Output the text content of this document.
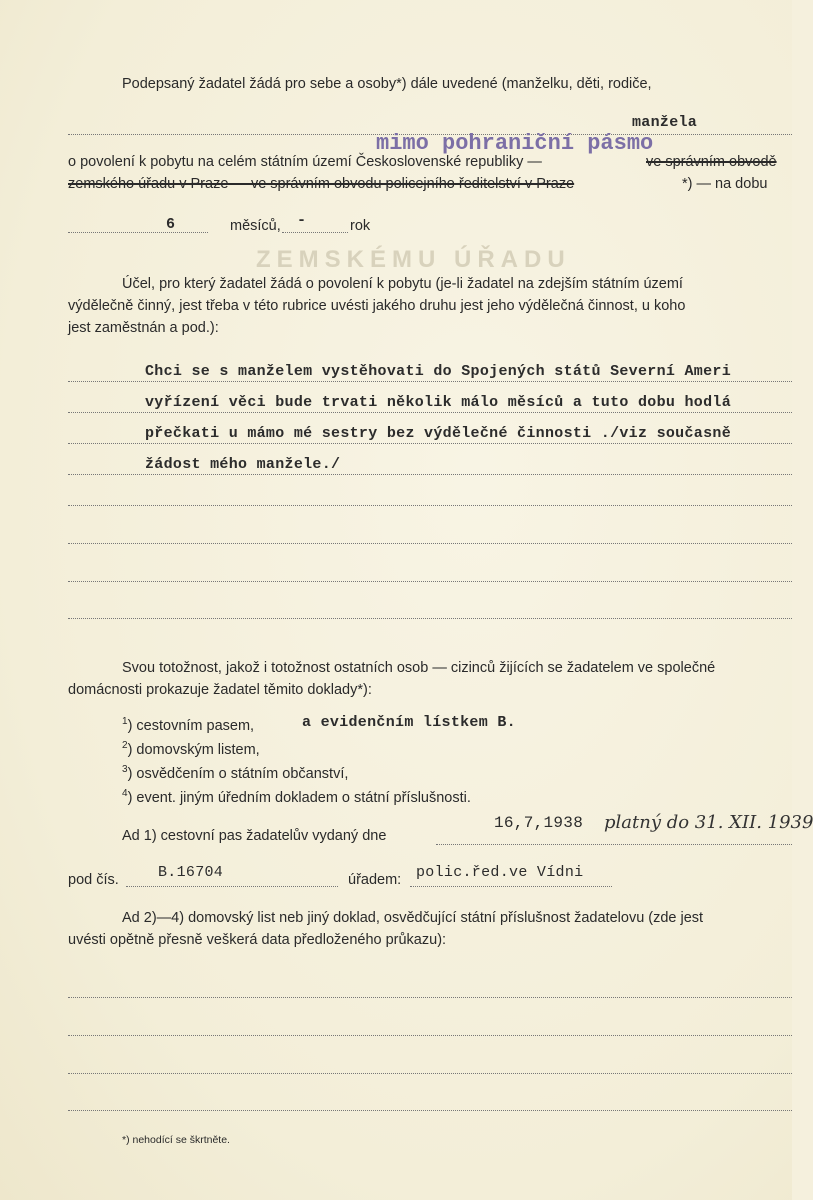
Podepsaný žadatel žádá pro sebe a osoby*) dále uvedené (manželku, děti, rodiče,
manžela
mimo pohraniční pásmo
o povolení k pobytu na celém státním území Československé republiky —	ve správním obvodě
zemského úřadu v Praze — ve správním obvodu policejního ředitelství v Praze	*) — na dobu
6	měsíců, -	rok
ZEMSKÉMU ÚŘADU
Účel, pro který žadatel žádá o povolení k pobytu (je-li žadatel na zdejším státním území
výdělečně činný, jest třeba v této rubrice uvésti jakého druhu jest jeho výdělečná činnost, u koho
jest zaměstnán a pod.):
Chci se s manželem vystěhovati do Spojených států Severní Ameri
vyřízení věci bude trvati několik málo měsíců a tuto dobu hodlá
přečkati u mámo mé sestry bez výdělečné činnosti ./viz současně
žádost mého manžele./
Svou totožnost, jakož i totožnost ostatních osob — cizinců žijících se žadatelem ve společné
domácnosti prokazuje žadatel těmito doklady*):
$^1$) cestovním pasem,	a evidenčním lístkem B.
$^2$) domovským listem,
$^3$) osvědčením o státním občanství,
$^4$) event. jiným úředním dokladem o státní příslušnosti.
Ad 1) cestovní pas žadatelův vydaný dne
16,7,1938 platný do 31. XII. 1939
pod čís.	B.16704	úřadem: polic.řed.ve Vídni
Ad 2)—4) domovský list neb jiný doklad, osvědčující státní příslušnost žadatelovu (zde jest
uvésti opětně přesně veškerá data předloženého průkazu):
*) nehodící se škrtněte.
